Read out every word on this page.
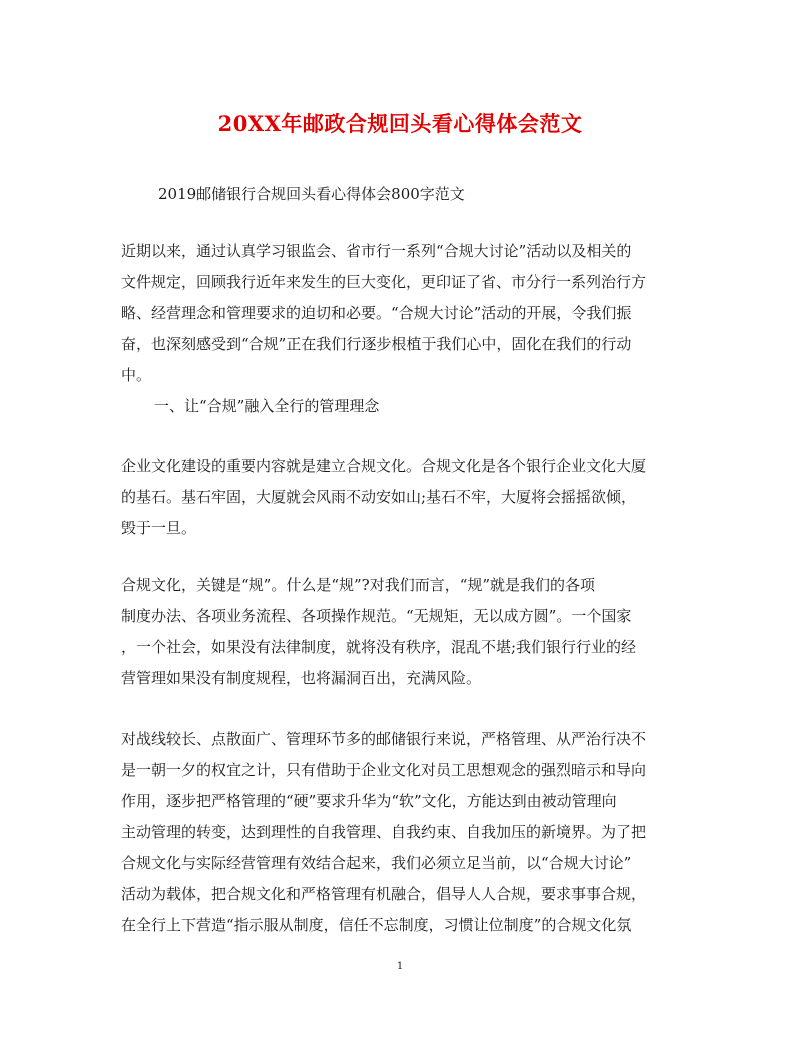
20XX年邮政合规回头看心得体会范文

2019邮储银行合规回头看心得体会800字范文

近期以来，通过认真学习银监会、省市行一系列“合规大讨论”活动以及相关的
文件规定，回顾我行近年来发生的巨大变化，更印证了省、市分行一系列治行方
略、经营理念和管理要求的迫切和必要。“合规大讨论”活动的开展，令我们振
奋，也深刻感受到“合规”正在我们行逐步根植于我们心中，固化在我们的行动
中。

一、让“合规”融入全行的管理理念

企业文化建设的重要内容就是建立合规文化。合规文化是各个银行企业文化大厦
的基石。基石牢固，大厦就会风雨不动安如山;基石不牢，大厦将会摇摇欲倾，
毁于一旦。
合规文化，关键是“规”。什么是“规”?对我们而言，“规”就是我们的各项
制度办法、各项业务流程、各项操作规范。“无规矩，无以成方圆”。一个国家
，一个社会，如果没有法律制度，就将没有秩序，混乱不堪;我们银行行业的经
营管理如果没有制度规程，也将漏洞百出，充满风险。
对战线较长、点散面广、管理环节多的邮储银行来说，严格管理、从严治行决不
是一朝一夕的权宜之计，只有借助于企业文化对员工思想观念的强烈暗示和导向
作用，逐步把严格管理的“硬”要求升华为“软”文化，方能达到由被动管理向
主动管理的转变，达到理性的自我管理、自我约束、自我加压的新境界。为了把
合规文化与实际经营管理有效结合起来，我们必须立足当前，以“合规大讨论”
活动为载体，把合规文化和严格管理有机融合，倡导人人合规，要求事事合规，
在全行上下营造“指示服从制度，信任不忘制度，习惯让位制度”的合规文化氛

1
